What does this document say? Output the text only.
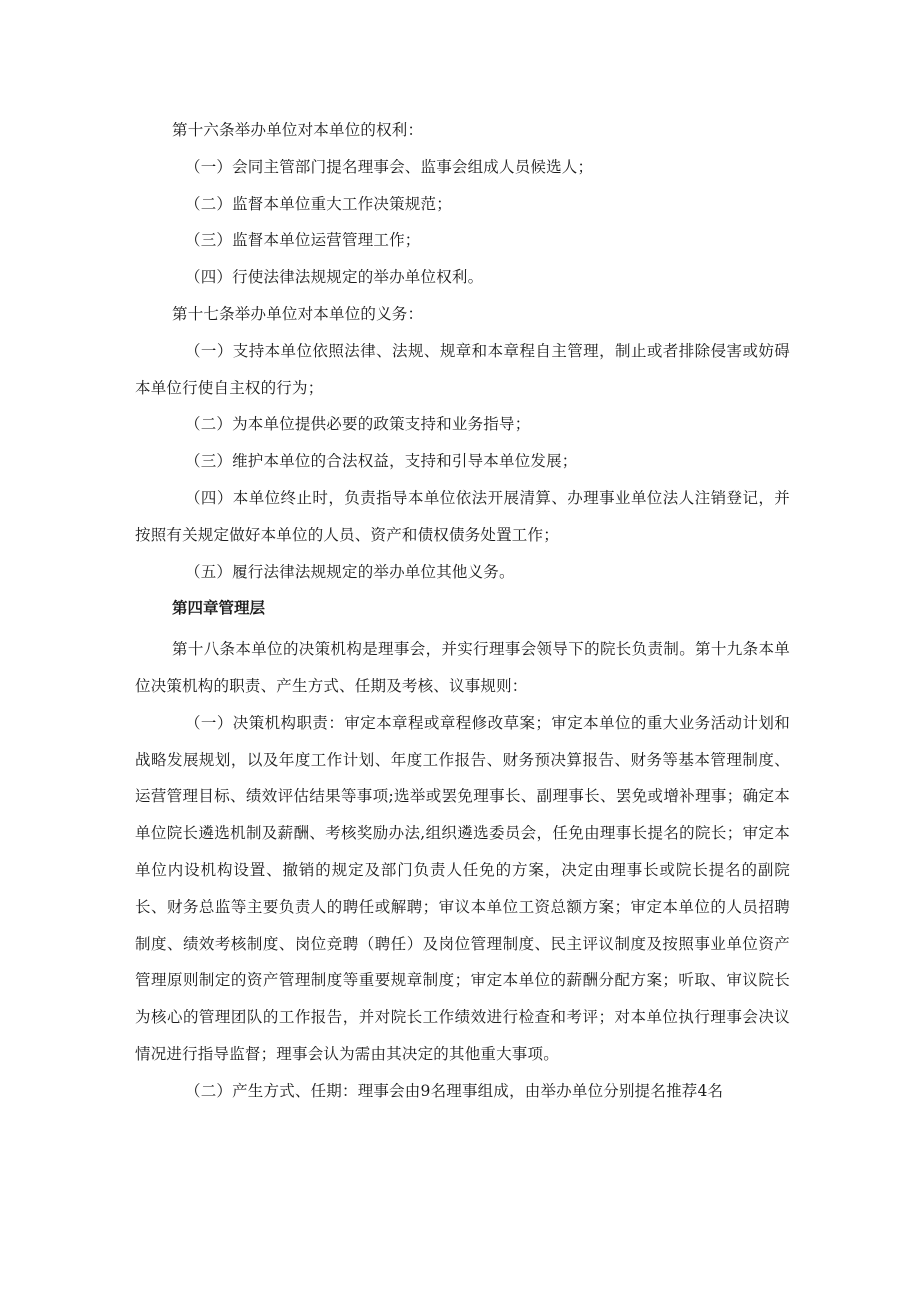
第十六条举办单位对本单位的权利：

（一）会同主管部门提名理事会、监事会组成人员候选人；

（二）监督本单位重大工作决策规范；

（三）监督本单位运营管理工作；

（四）行使法律法规规定的举办单位权利。

第十七条举办单位对本单位的义务：

（一）支持本单位依照法律、法规、规章和本章程自主管理，制止或者排除侵害或妨碍本单位行使自主权的行为；

（二）为本单位提供必要的政策支持和业务指导；

（三）维护本单位的合法权益，支持和引导本单位发展；

（四）本单位终止时，负责指导本单位依法开展清算、办理事业单位法人注销登记，并按照有关规定做好本单位的人员、资产和债权债务处置工作；

（五）履行法律法规规定的举办单位其他义务。

第四章管理层

第十八条本单位的决策机构是理事会，并实行理事会领导下的院长负责制。第十九条本单位决策机构的职责、产生方式、任期及考核、议事规则：

（一）决策机构职责：审定本章程或章程修改草案；审定本单位的重大业务活动计划和战略发展规划，以及年度工作计划、年度工作报告、财务预决算报告、财务等基本管理制度、运营管理目标、绩效评估结果等事项;选举或罢免理事长、副理事长、罢免或增补理事；确定本单位院长遴选机制及薪酬、考核奖励办法,组织遴选委员会，任免由理事长提名的院长；审定本单位内设机构设置、撤销的规定及部门负责人任免的方案，决定由理事长或院长提名的副院长、财务总监等主要负责人的聘任或解聘；审议本单位工资总额方案；审定本单位的人员招聘制度、绩效考核制度、岗位竞聘（聘任）及岗位管理制度、民主评议制度及按照事业单位资产管理原则制定的资产管理制度等重要规章制度；审定本单位的薪酬分配方案；听取、审议院长为核心的管理团队的工作报告，并对院长工作绩效进行检查和考评；对本单位执行理事会决议情况进行指导监督；理事会认为需由其决定的其他重大事项。

（二）产生方式、任期：理事会由9名理事组成，由举办单位分别提名推荐4名
